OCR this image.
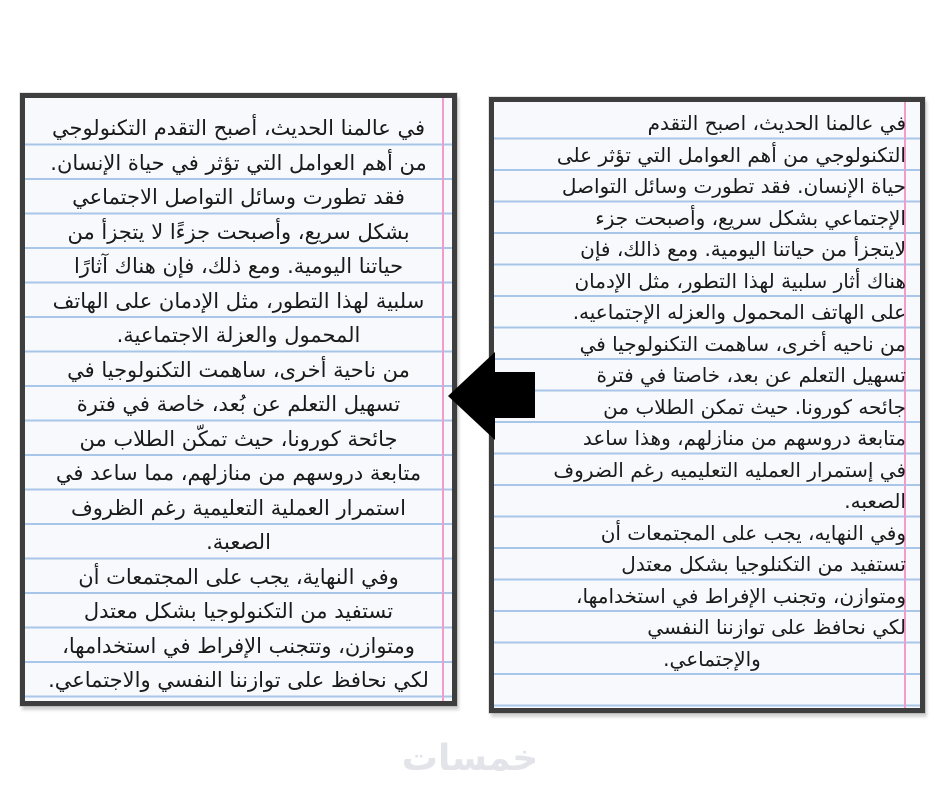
في عالمنا الحديث، أصبح التقدم التكنولوجي
من أهم العوامل التي تؤثر في حياة الإنسان.
فقد تطورت وسائل التواصل الاجتماعي
بشكل سريع، وأصبحت جزءًا لا يتجزأ من
حياتنا اليومية. ومع ذلك، فإن هناك آثارًا
سلبية لهذا التطور، مثل الإدمان على الهاتف
المحمول والعزلة الاجتماعية.
من ناحية أخرى، ساهمت التكنولوجيا في
تسهيل التعلم عن بُعد، خاصة في فترة
جائحة كورونا، حيث تمكّن الطلاب من
متابعة دروسهم من منازلهم، مما ساعد في
استمرار العملية التعليمية رغم الظروف
الصعبة.
وفي النهاية، يجب على المجتمعات أن
تستفيد من التكنولوجيا بشكل معتدل
ومتوازن، وتتجنب الإفراط في استخدامها،
لكي نحافظ على توازننا النفسي والاجتماعي.
في عالمنا الحديث، اصبح التقدم
التكنولوجي من أهم العوامل التي تؤثر على
حياة الإنسان. فقد تطورت وسائل التواصل
الإجتماعي بشكل سريع، وأصبحت جزء
لايتجزأ من حياتنا اليومية. ومع ذالك، فإن
هناك أثار سلبية لهذا التطور، مثل الإدمان
على الهاتف المحمول والعزله الإجتماعيه.
من ناحيه أخرى، ساهمت التكنولوجيا في
تسهيل التعلم عن بعد، خاصتا في فترة
جائحه كورونا. حيث تمكن الطلاب من
متابعة دروسهم من منازلهم، وهذا ساعد
في إستمرار العمليه التعليميه رغم الضروف
الصعبه.
وفي النهايه، يجب على المجتمعات أن
تستفيد من التكنلوجيا بشكل معتدل
ومتوازن، وتجنب الإفراط في استخدامها،
لكي نحافظ على توازننا النفسي
والإجتماعي.
خمسات
